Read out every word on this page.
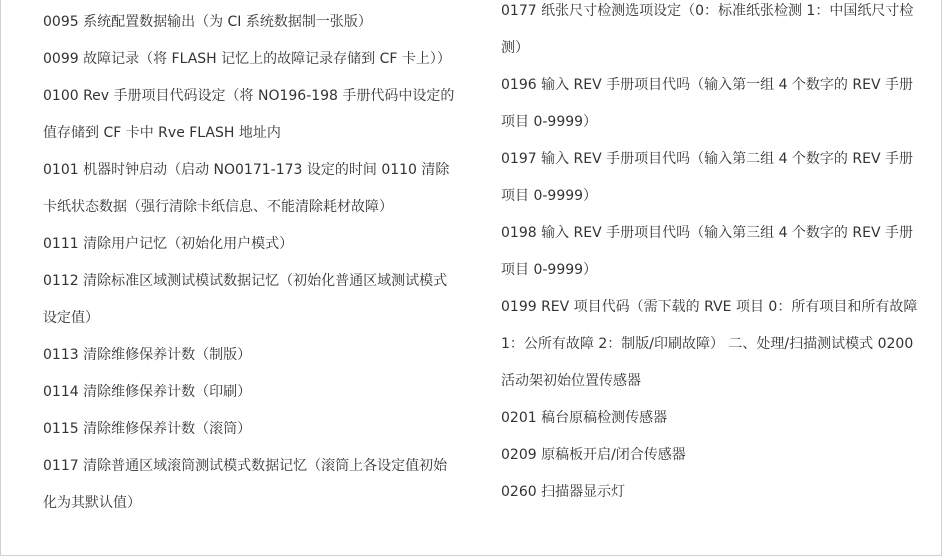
0095 系统配置数据输出（为 CI 系统数据制一张版）

0099 故障记录（将 FLASH 记忆上的故障记录存储到 CF 卡上））

0100 Rev 手册项目代码设定（将 NO196-198 手册代码中设定的值存储到 CF 卡中 Rve FLASH 地址内

0101 机器时钟启动（启动 NO0171-173 设定的时间 0110 清除卡纸状态数据（强行清除卡纸信息、不能清除耗材故障）

0111 清除用户记忆（初始化用户模式）

0112 清除标准区域测试模试数据记忆（初始化普通区域测试模式设定值）

0113 清除维修保养计数（制版）

0114 清除维修保养计数（印刷）

0115 清除维修保养计数（滚筒）

0117 清除普通区域滚筒测试模式数据记忆（滚筒上各设定值初始化为其默认值）

0177 纸张尺寸检测选项设定（0：标准纸张检测 1：中国纸尺寸检测）

0196 输入 REV 手册项目代吗（输入第一组 4 个数字的 REV 手册项目 0-9999）

0197 输入 REV 手册项目代吗（输入第二组 4 个数字的 REV 手册项目 0-9999）

0198 输入 REV 手册项目代吗（输入第三组 4 个数字的 REV 手册项目 0-9999）

0199 REV 项目代码（需下载的 RVE 项目 0：所有项目和所有故障 1：公所有故障 2：制版/印刷故障） 二、处理/扫描测试模式 0200 活动架初始位置传感器

0201 稿台原稿检测传感器

0209 原稿板开启/闭合传感器

0260 扫描器显示灯
